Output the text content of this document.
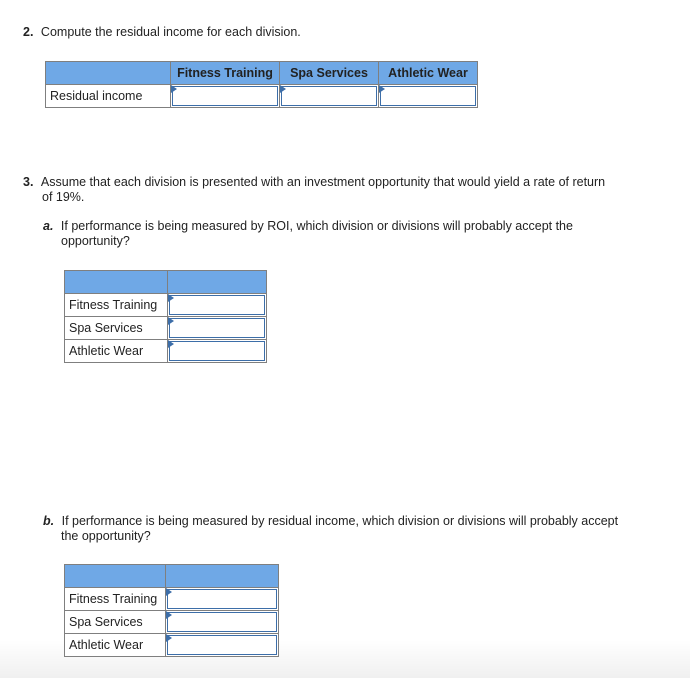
2. Compute the residual income for each division.
	Fitness Training	Spa Services	Athletic Wear
Residual income	

3. Assume that each division is presented with an investment opportunity that would yield a rate of return
of 19%.
a. If performance is being measured by ROI, which division or divisions will probably accept the
opportunity?

Fitness Training	

Spa Services	

Athletic Wear	
b. If performance is being measured by residual income, which division or divisions will probably accept
the opportunity?

Fitness Training	

Spa Services	

Athletic Wear	
